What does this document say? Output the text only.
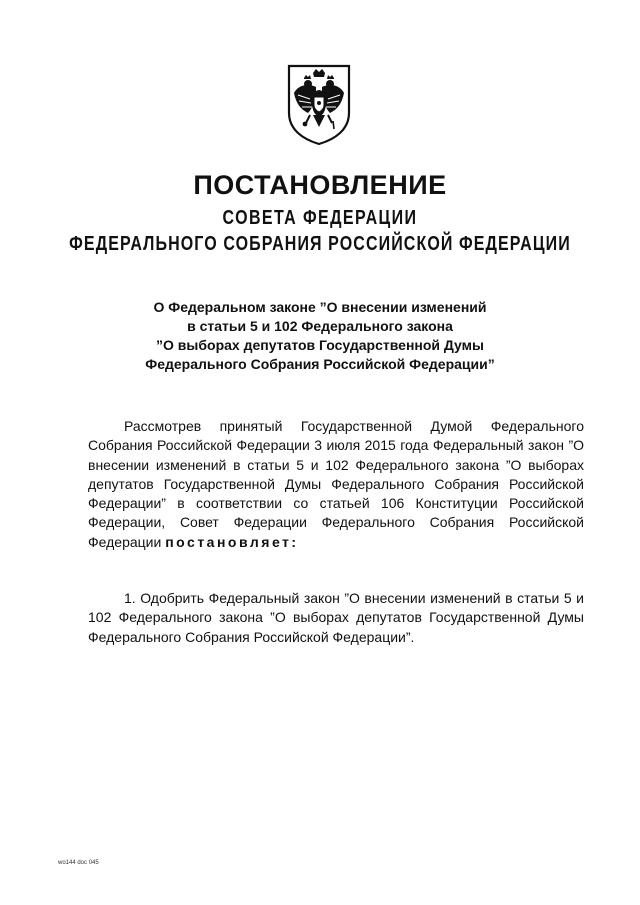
ПОСТАНОВЛЕНИЕ
СОВЕТА ФЕДЕРАЦИИ
ФЕДЕРАЛЬНОГО СОБРАНИЯ РОССИЙСКОЙ ФЕДЕРАЦИИ
О Федеральном законе ”О внесении изменений
в статьи 5 и 102 Федерального закона
”О выборах депутатов Государственной Думы
Федерального Собрания Российской Федерации”

Рассмотрев принятый Государственной Думой Федерального Собрания Российской Федерации 3 июля 2015 года Федеральный закон ”О внесении изменений в статьи 5 и 102 Федерального закона ”О выборах депутатов Государственной Думы Федерального Собрания Российской Федерации” в соответствии со статьей 106 Конституции Российской Федерации, Совет Федерации Федерального Собрания Российской Федерации постановляет:

1. Одобрить Федеральный закон ”О внесении изменений в статьи 5 и 102 Федерального закона ”О выборах депутатов Государственной Думы Федерального Собрания Российской Федерации”.

wo144 doc 045
